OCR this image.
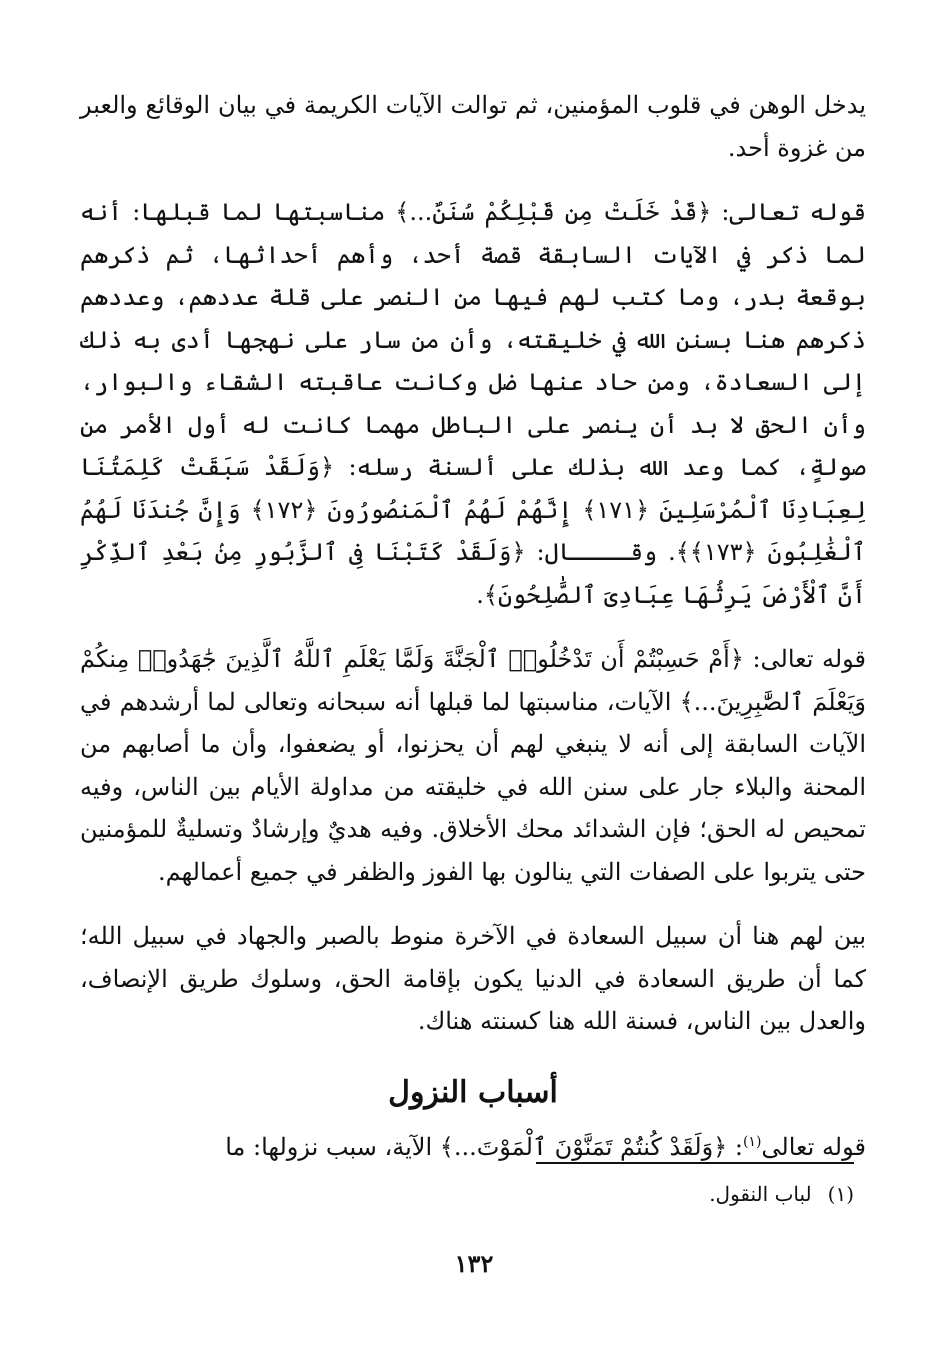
يدخل الوهن في قلوب المؤمنين، ثم توالت الآيات الكريمة في بيان الوقائع والعبر من غزوة أحد.

قوله تعالى: ﴿قَدْ خَلَتْ مِن قَبْلِكُمْ سُنَنٌ...﴾ مناسبتها لما قبلها: أنه لما ذكر في الآيات السابقة قصة أحد، وأهم أحداثها، ثم ذكرهم بوقعة بدر، وما كتب لهم فيها من النصر على قلة عددهم، وعددهم ذكرهم هنا بسنن الله في خليقته، وأن من سار على نهجها أدى به ذلك إلى السعادة، ومن حاد عنها ضل وكانت عاقبته الشقاء والبوار، وأن الحق لا بد أن ينصر على الباطل مهما كانت له أول الأمر من صولةٍ، كما وعد الله بذلك على ألسنة رسله: ﴿وَلَقَدْ سَبَقَتْ كَلِمَتُنَا لِعِبَادِنَا ٱلْمُرْسَلِينَ ﴿١٧١﴾ إِنَّهُمْ لَهُمُ ٱلْمَنصُورُونَ ﴿١٧٢﴾ وَإِنَّ جُندَنَا لَهُمُ ٱلْغَٰلِبُونَ ﴿١٧٣﴾﴾. وقــــال: ﴿وَلَقَدْ كَتَبْنَا فِى ٱلزَّبُورِ مِنۢ بَعْدِ ٱلذِّكْرِ أَنَّ ٱلْأَرْضَ يَرِثُهَا عِبَادِىَ ٱلصَّٰلِحُونَ﴾.

قوله تعالى: ﴿أَمْ حَسِبْتُمْ أَن تَدْخُلُوا۟ ٱلْجَنَّةَ وَلَمَّا يَعْلَمِ ٱللَّهُ ٱلَّذِينَ جَٰهَدُوا۟ مِنكُمْ وَيَعْلَمَ ٱلصَّٰبِرِينَ...﴾ الآيات، مناسبتها لما قبلها أنه سبحانه وتعالى لما أرشدهم في الآيات السابقة إلى أنه لا ينبغي لهم أن يحزنوا، أو يضعفوا، وأن ما أصابهم من المحنة والبلاء جار على سنن الله في خليقته من مداولة الأيام بين الناس، وفيه تمحيص له الحق؛ فإن الشدائد محك الأخلاق. وفيه هديٌ وإرشادٌ وتسليةٌ للمؤمنين حتى يتربوا على الصفات التي ينالون بها الفوز والظفر في جميع أعمالهم.

بين لهم هنا أن سبيل السعادة في الآخرة منوط بالصبر والجهاد في سبيل الله؛ كما أن طريق السعادة في الدنيا يكون بإقامة الحق، وسلوك طريق الإنصاف، والعدل بين الناس، فسنة الله هنا كسنته هناك.

أسباب النزول

قوله تعالى$^{(١)}$: ﴿وَلَقَدْ كُنتُمْ تَمَنَّوْنَ ٱلْمَوْتَ...﴾ الآية، سبب نزولها: ما

(١)لباب النقول.
١٣٢
